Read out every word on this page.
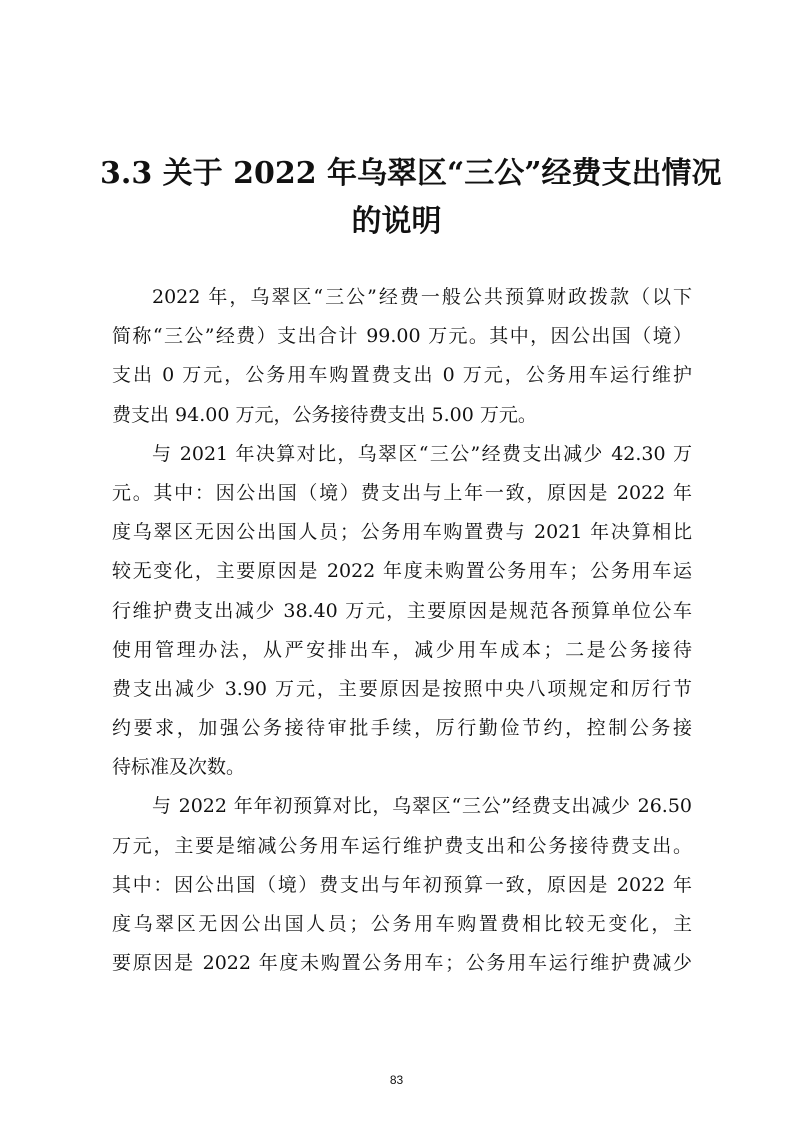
3.3 关于 2022 年乌翠区“三公”经费支出情况
的说明
2022 年，乌翠区“三公”经费一般公共预算财政拨款（以下
简称“三公”经费）支出合计 99.00 万元。其中，因公出国（境）
支出 0 万元，公务用车购置费支出 0 万元，公务用车运行维护
费支出 94.00 万元，公务接待费支出 5.00 万元。
与 2021 年决算对比，乌翠区“三公”经费支出减少 42.30 万
元。其中：因公出国（境）费支出与上年一致，原因是 2022 年
度乌翠区无因公出国人员；公务用车购置费与 2021 年决算相比
较无变化，主要原因是 2022 年度未购置公务用车；公务用车运
行维护费支出减少 38.40 万元，主要原因是规范各预算单位公车
使用管理办法，从严安排出车，减少用车成本；二是公务接待
费支出减少 3.90 万元，主要原因是按照中央八项规定和厉行节
约要求，加强公务接待审批手续，厉行勤俭节约，控制公务接
待标准及次数。
与 2022 年年初预算对比，乌翠区“三公”经费支出减少 26.50
万元，主要是缩减公务用车运行维护费支出和公务接待费支出。
其中：因公出国（境）费支出与年初预算一致，原因是 2022 年
度乌翠区无因公出国人员；公务用车购置费相比较无变化，主
要原因是 2022 年度未购置公务用车；公务用车运行维护费减少
83
